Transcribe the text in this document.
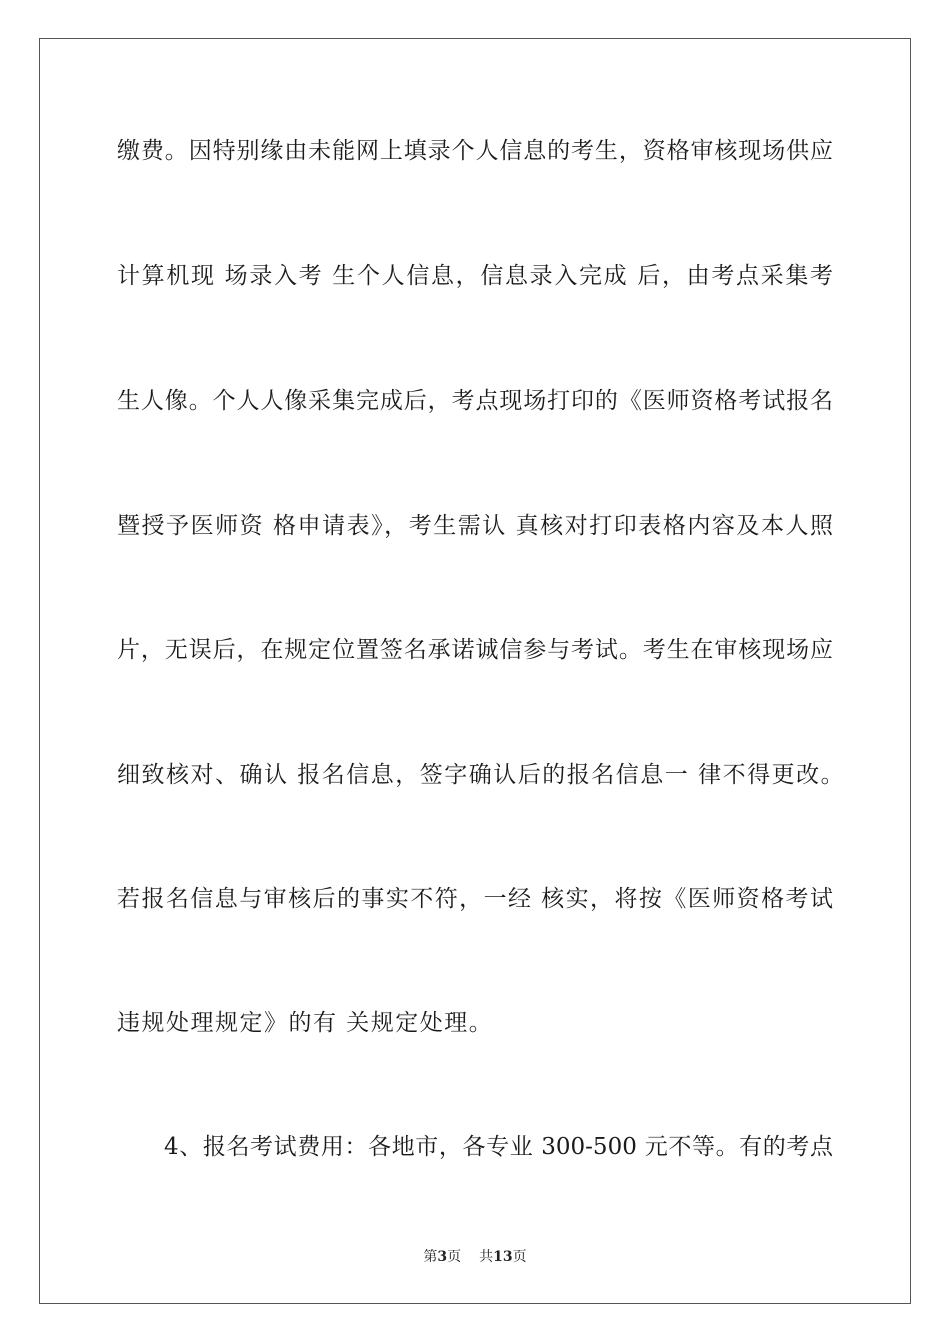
缴费。因特别缘由未能网上填录个人信息的考生，资格审核现场供应
计算机现 场录入考 生个人信息，信息录入完成 后，由考点采集考
生人像。个人人像采集完成后，考点现场打印的《医师资格考试报名
暨授予医师资 格申请表》，考生需认 真核对打印表格内容及本人照
片，无误后，在规定位置签名承诺诚信参与考试。考生在审核现场应
细致核对、确认 报名信息，签字确认后的报名信息一 律不得更改。
若报名信息与审核后的事实不符，一经 核实，将按《医师资格考试
违规处理规定》的有 关规定处理。
4、报名考试费用：各地市，各专业 300-500 元不等。有的考点
第3页 共13页
